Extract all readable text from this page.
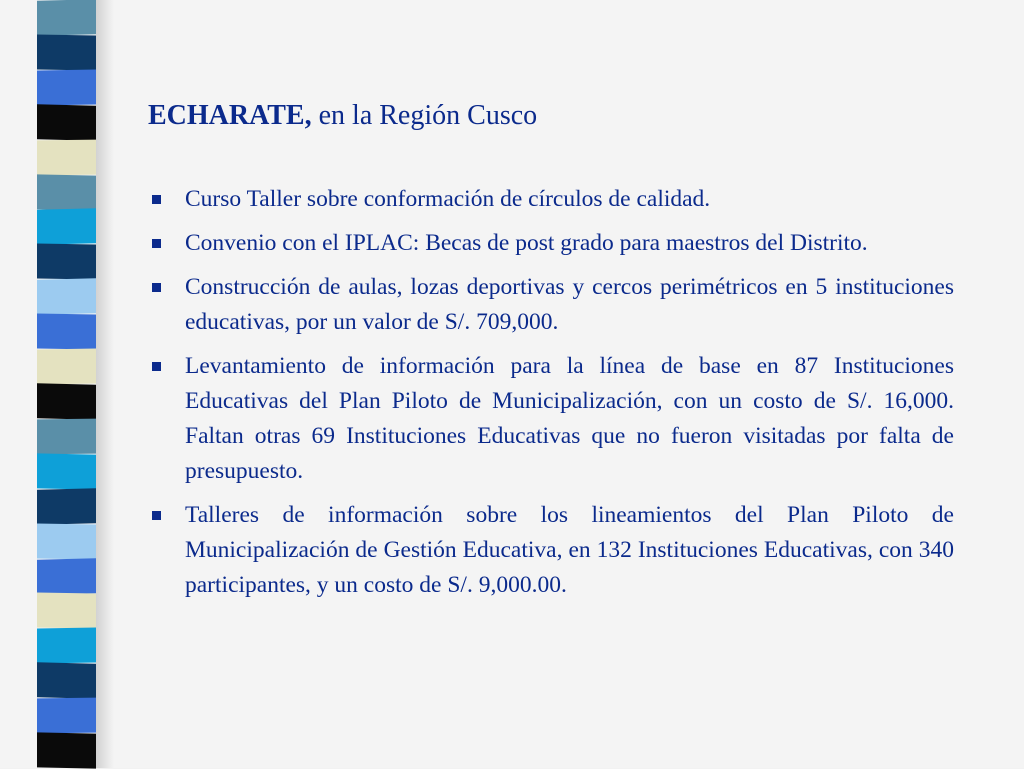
ECHARATE, en la Región Cusco
Curso Taller sobre conformación de círculos de calidad.
Convenio con el IPLAC: Becas de post grado para maestros del Distrito.
Construcción de aulas, lozas deportivas y cercos perimétricos en 5 instituciones educativas, por un valor de S/. 709,000.
Levantamiento de información para la línea de base en 87 Instituciones Educativas del Plan Piloto de Municipalización, con un costo de S/. 16,000. Faltan otras 69 Instituciones Educativas que no fueron visitadas por falta de presupuesto.
Talleres de información sobre los lineamientos del Plan Piloto de Municipalización de Gestión Educativa, en 132 Instituciones Educativas, con 340 participantes, y un costo de S/. 9,000.00.
